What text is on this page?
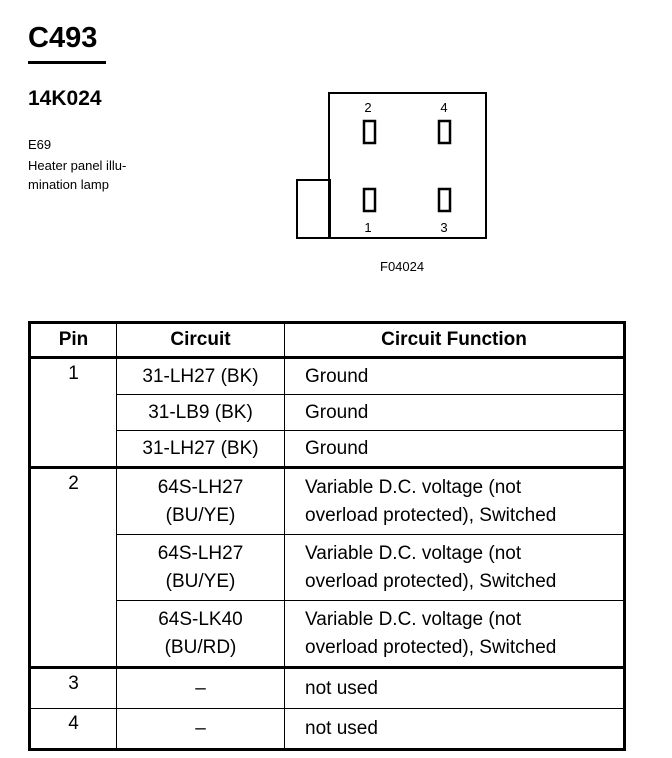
C493
14K024
E69
Heater panel illu-
mination lamp
2	4
1	3
F04024
Pin	Circuit	Circuit Function
1	31-LH27 (BK)	Ground
	31-LB9 (BK)	Ground
	31-LH27 (BK)	Ground
2	64S-LH27
(BU/YE)	Variable D.C. voltage (not
overload protected), Switched
	64S-LH27
(BU/YE)	Variable D.C. voltage (not
overload protected), Switched
	64S-LK40
(BU/RD)	Variable D.C. voltage (not
overload protected), Switched
3	–	not used
4	–	not used
